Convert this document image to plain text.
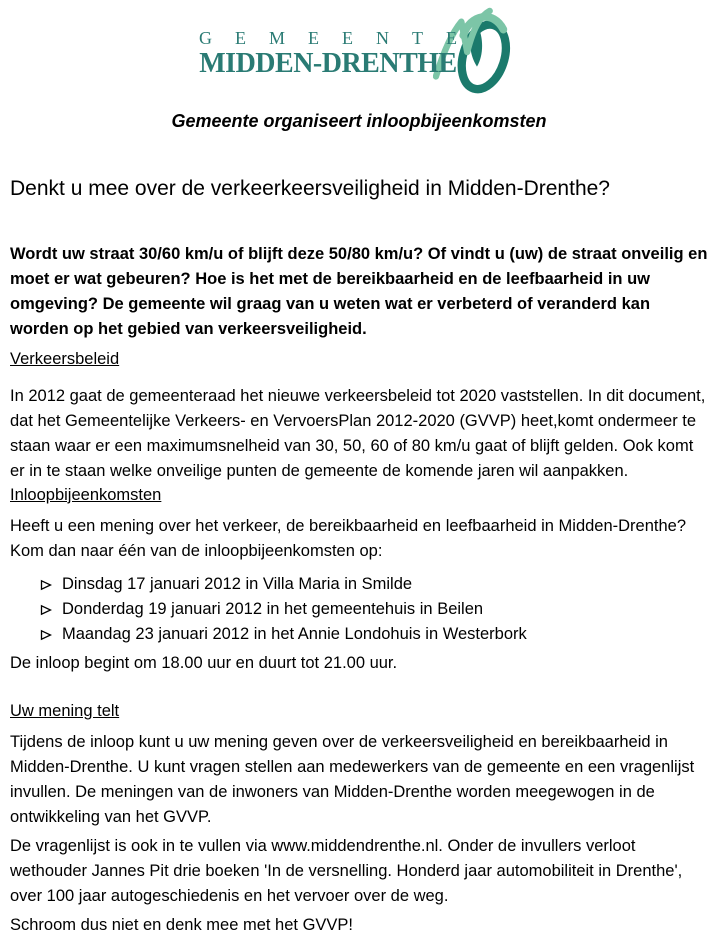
GEMEENTE
MIDDEN-DRENTHE
Gemeente organiseert inloopbijeenkomsten
Denkt u mee over de verkeerkeersveiligheid in Midden-Drenthe?

Wordt uw straat 30/60 km/u of blijft deze 50/80 km/u? Of vindt u (uw) de straat onveilig en moet er wat gebeuren? Hoe is het met de bereikbaarheid en de leefbaarheid in uw omgeving? De gemeente wil graag van u weten wat er verbeterd of veranderd kan worden op het gebied van verkeersveiligheid.

Verkeersbeleid

In 2012 gaat de gemeenteraad het nieuwe verkeersbeleid tot 2020 vaststellen. In dit document, dat het Gemeentelijke Verkeers- en VervoersPlan 2012-2020 (GVVP) heet,komt ondermeer te staan waar er een maximumsnelheid van 30, 50, 60 of 80 km/u gaat of blijft gelden. Ook komt er in te staan welke onveilige punten de gemeente de komende jaren wil aanpakken.

Inloopbijeenkomsten

Heeft u een mening over het verkeer, de bereikbaarheid en leefbaarheid in Midden-Drenthe? Kom dan naar één van de inloopbijeenkomsten op:

Dinsdag 17 januari 2012 in Villa Maria in Smilde
Donderdag 19 januari 2012 in het gemeentehuis in Beilen
Maandag 23 januari 2012 in het Annie Londohuis in Westerbork

De inloop begint om 18.00 uur en duurt tot 21.00 uur.

Uw mening telt

Tijdens de inloop kunt u uw mening geven over de verkeersveiligheid en bereikbaarheid in Midden-Drenthe. U kunt vragen stellen aan medewerkers van de gemeente en een vragenlijst invullen. De meningen van de inwoners van Midden-Drenthe worden meegewogen in de ontwikkeling van het GVVP.

De vragenlijst is ook in te vullen via www.middendrenthe.nl. Onder de invullers verloot wethouder Jannes Pit drie boeken 'In de versnelling. Honderd jaar automobiliteit in Drenthe', over 100 jaar autogeschiedenis en het vervoer over de weg.

Schroom dus niet en denk mee met het GVVP!
